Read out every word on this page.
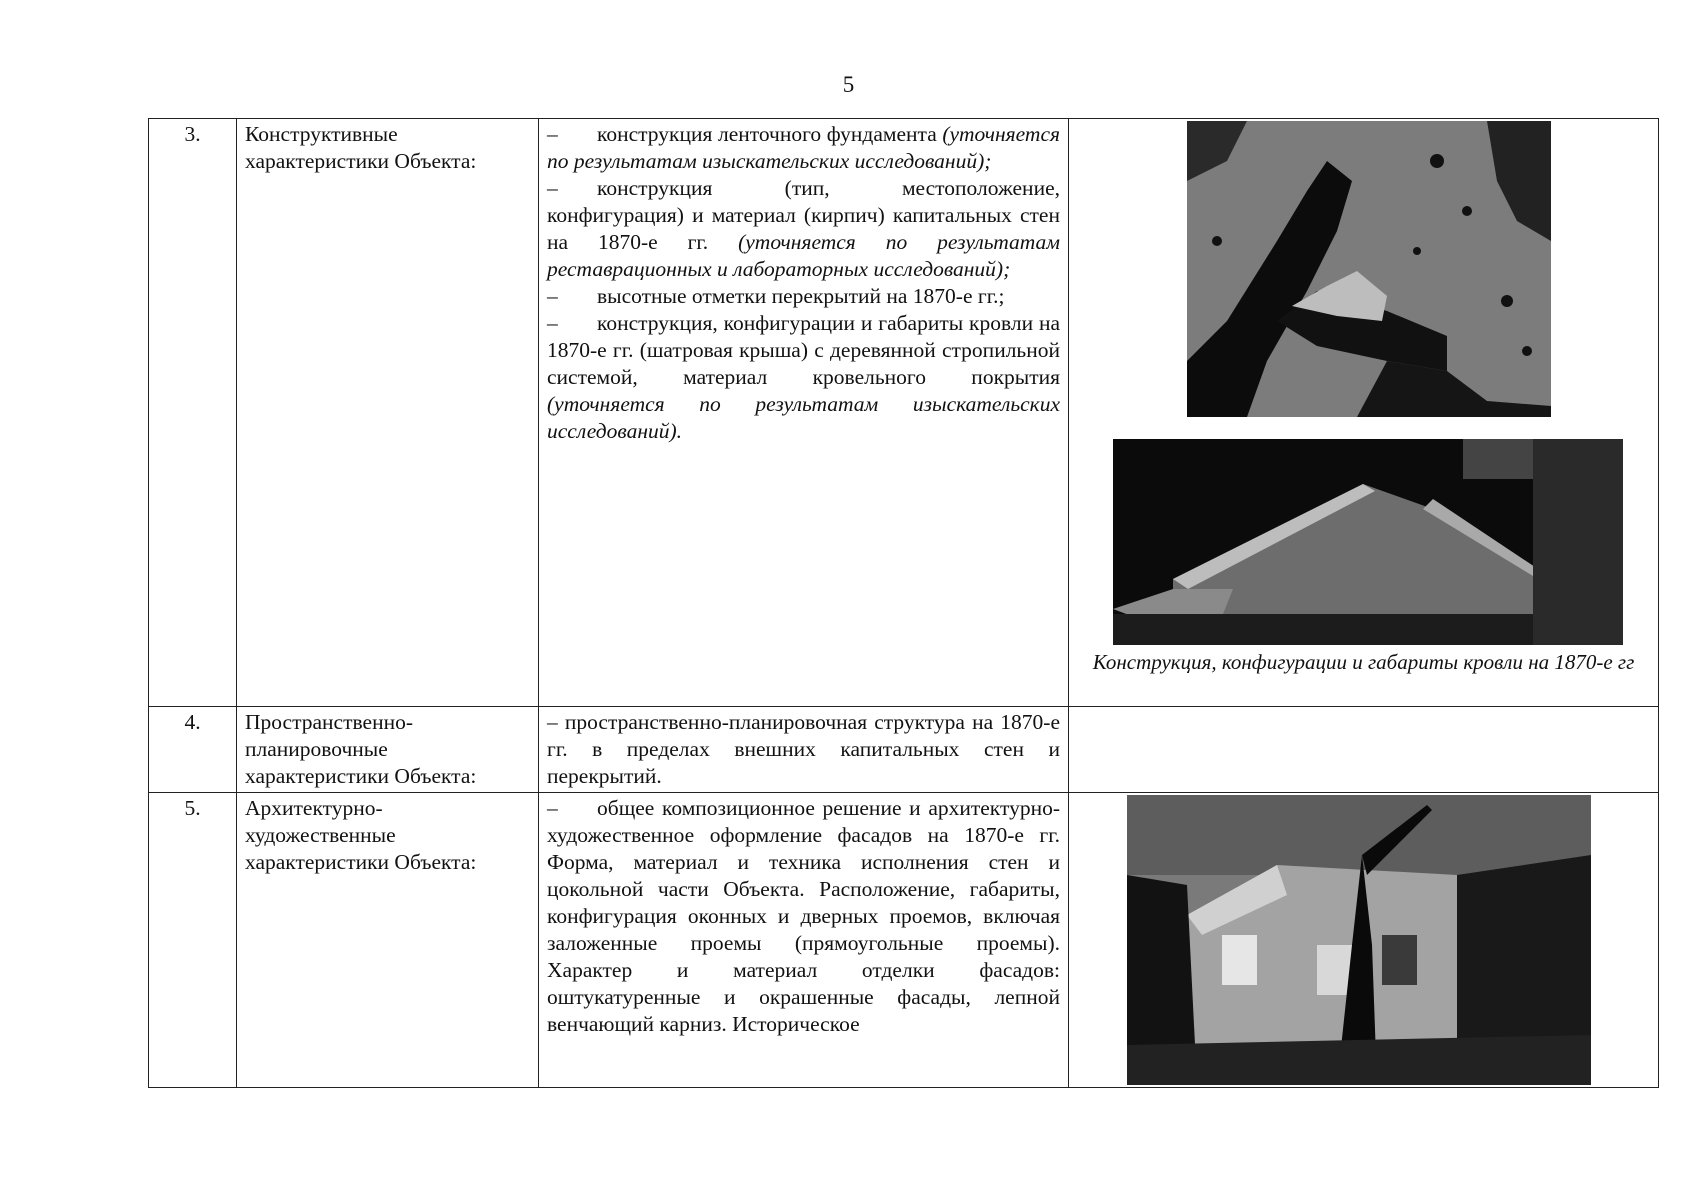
5
3.	Конструктивные характеристики Объекта:	– конструкция ленточного фундамента (уточняется по результатам изыскательских исследований);

– конструкция (тип, местоположение, конфигурация) и материал (кирпич) капитальных стен на 1870-е гг. (уточняется по результатам реставрационных и лабораторных исследований);

– высотные отметки перекрытий на 1870-е гг.;

– конструкция, конфигурации и габариты кровли на 1870-е гг. (шатровая крыша) с деревянной стропильной системой, материал кровельного покрытия (уточняется по результатам изыскательских исследований).	Конструкция, конфигурации и габариты кровли на 1870-е гг

4.	Пространственно-планировочные характеристики Объекта:	– пространственно-планировочная структура на 1870-е гг. в пределах внешних капитальных стен и перекрытий.	
5.	Архитектурно-художественные характеристики Объекта:	– общее композиционное решение и архитектурно-художественное оформление фасадов на 1870-е гг. Форма, материал и техника исполнения стен и цокольной части Объекта. Расположение, габариты, конфигурация оконных и дверных проемов, включая заложенные проемы (прямоугольные проемы). Характер и материал отделки фасадов: оштукатуренные и окрашенные фасады, лепной венчающий карниз. Историческое
